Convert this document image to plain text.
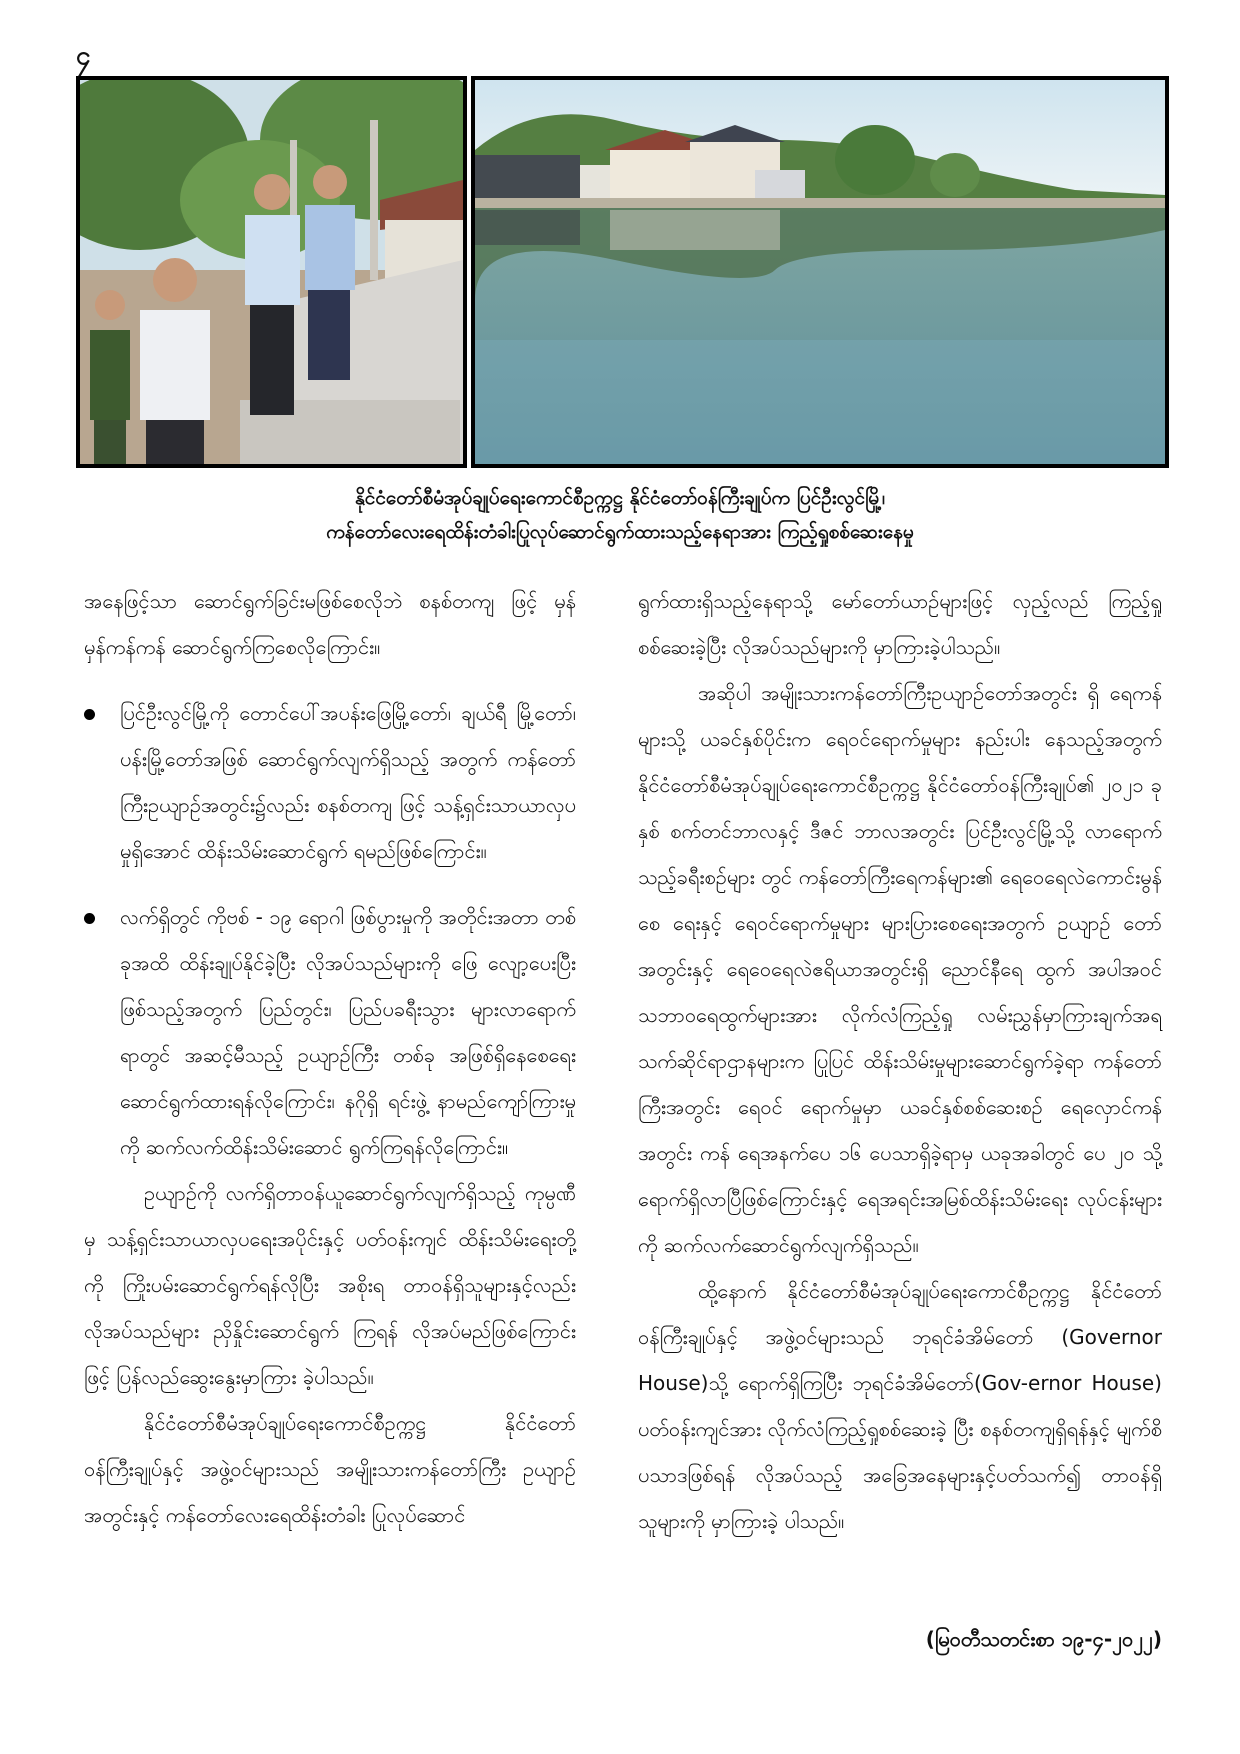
၄
နိုင်ငံတော်စီမံအုပ်ချုပ်ရေးကောင်စီဥက္ကဋ္ဌ နိုင်ငံတော်ဝန်ကြီးချုပ်က ပြင်ဦးလွင်မြို့၊
ကန်တော်လေးရေထိန်းတံခါးပြုလုပ်ဆောင်ရွက်ထားသည့်နေရာအား ကြည့်ရှုစစ်ဆေးနေမှု

အနေဖြင့်သာ ဆောင်ရွက်ခြင်းမဖြစ်စေလိုဘဲ စနစ်တကျ ဖြင့် မှန်မှန်ကန်ကန် ဆောင်ရွက်ကြစေလိုကြောင်း။

ပြင်ဦးလွင်မြို့ကို တောင်ပေါ်အပန်းဖြေမြို့တော်၊ ချယ်ရီ မြို့တော်၊ ပန်းမြို့တော်အဖြစ် ဆောင်ရွက်လျက်ရှိသည့် အတွက် ကန်တော်ကြီးဥယျာဉ်အတွင်း၌လည်း စနစ်တကျ ဖြင့် သန့်ရှင်းသာယာလှပမှုရှိအောင် ထိန်းသိမ်းဆောင်ရွက် ရမည်ဖြစ်ကြောင်း။
လက်ရှိတွင် ကိုဗစ် - ၁၉ ရောဂါ ဖြစ်ပွားမှုကို အတိုင်းအတာ တစ်ခုအထိ ထိန်းချုပ်နိုင်ခဲ့ပြီး လိုအပ်သည်များကို ဖြေ လျော့ပေးပြီးဖြစ်သည့်အတွက် ပြည်တွင်း၊ ပြည်ပခရီးသွား များလာရောက်ရာတွင် အဆင့်မီသည့် ဥယျာဉ်ကြီး တစ်ခု အဖြစ်ရှိနေစေရေး ဆောင်ရွက်ထားရန်လိုကြောင်း၊ နဂိုရှိ ရင်းဖွဲ့ နာမည်ကျော်ကြားမှုကို ဆက်လက်ထိန်းသိမ်းဆောင် ရွက်ကြရန်လိုကြောင်း။

ဥယျာဉ်ကို လက်ရှိတာဝန်ယူဆောင်ရွက်လျက်ရှိသည့် ကုမ္ပဏီမှ သန့်ရှင်းသာယာလှပရေးအပိုင်းနှင့် ပတ်ဝန်းကျင် ထိန်းသိမ်းရေးတို့ကို ကြိုးပမ်းဆောင်ရွက်ရန်လိုပြီး အစိုးရ တာဝန်ရှိသူများနှင့်လည်း လိုအပ်သည်များ ညှိနှိုင်းဆောင်ရွက် ကြရန် လိုအပ်မည်ဖြစ်ကြောင်းဖြင့် ပြန်လည်ဆွေးနွေးမှာကြား ခဲ့ပါသည်။

နိုင်ငံတော်စီမံအုပ်ချုပ်ရေးကောင်စီဥက္ကဋ္ဌ နိုင်ငံတော် ဝန်ကြီးချုပ်နှင့် အဖွဲ့ဝင်များသည် အမျိုးသားကန်တော်ကြီး ဥယျာဉ်အတွင်းနှင့် ကန်တော်လေးရေထိန်းတံခါး ပြုလုပ်ဆောင်

ရွက်ထားရှိသည့်နေရာသို့ မော်တော်ယာဉ်များဖြင့် လှည့်လည် ကြည့်ရှုစစ်ဆေးခဲ့ပြီး လိုအပ်သည်များကို မှာကြားခဲ့ပါသည်။

အဆိုပါ အမျိုးသားကန်တော်ကြီးဥယျာဉ်တော်အတွင်း ရှိ ရေကန်များသို့ ယခင်နှစ်ပိုင်းက ရေဝင်ရောက်မှုများ နည်းပါး နေသည့်အတွက် နိုင်ငံတော်စီမံအုပ်ချုပ်ရေးကောင်စီဥက္ကဋ္ဌ နိုင်ငံတော်ဝန်ကြီးချုပ်၏ ၂၀၂၁ ခုနှစ် စက်တင်ဘာလနှင့် ဒီဇင် ဘာလအတွင်း ပြင်ဦးလွင်မြို့သို့ လာရောက်သည့်ခရီးစဉ်များ တွင် ကန်တော်ကြီးရေကန်များ၏ ရေဝေရေလဲကောင်းမွန်စေ ရေးနှင့် ရေဝင်ရောက်မှုများ များပြားစေရေးအတွက် ဥယျာဉ် တော်အတွင်းနှင့် ရေဝေရေလဲဧရိယာအတွင်းရှိ ညောင်နီရေ ထွက် အပါအဝင် သဘာဝရေထွက်များအား လိုက်လံကြည့်ရှု လမ်းညွှန်မှာကြားချက်အရ သက်ဆိုင်ရာဌာနများက ပြုပြင် ထိန်းသိမ်းမှုများဆောင်ရွက်ခဲ့ရာ ကန်တော်ကြီးအတွင်း ရေဝင် ရောက်မှုမှာ ယခင်နှစ်စစ်ဆေးစဉ် ရေလှောင်ကန်အတွင်း ကန် ရေအနက်ပေ ၁၆ ပေသာရှိခဲ့ရာမှ ယခုအခါတွင် ပေ ၂၀ သို့ ရောက်ရှိလာပြီဖြစ်ကြောင်းနှင့် ရေအရင်းအမြစ်ထိန်းသိမ်းရေး လုပ်ငန်းများကို ဆက်လက်ဆောင်ရွက်လျက်ရှိသည်။

ထို့နောက် နိုင်ငံတော်စီမံအုပ်ချုပ်ရေးကောင်စီဥက္ကဋ္ဌ နိုင်ငံတော်ဝန်ကြီးချုပ်နှင့် အဖွဲ့ဝင်များသည် ဘုရင်ခံအိမ်တော် (Governor House)သို့ ရောက်ရှိကြပြီး ဘုရင်ခံအိမ်တော်(Gov-ernor House) ပတ်ဝန်းကျင်အား လိုက်လံကြည့်ရှုစစ်ဆေးခဲ့ ပြီး စနစ်တကျရှိရန်နှင့် မျက်စိပသာဒဖြစ်ရန် လိုအပ်သည့် အခြေအနေများနှင့်ပတ်သက်၍ တာဝန်ရှိသူများကို မှာကြားခဲ့ ပါသည်။

(မြဝတီသတင်းစာ ၁၉-၄-၂၀၂၂)
